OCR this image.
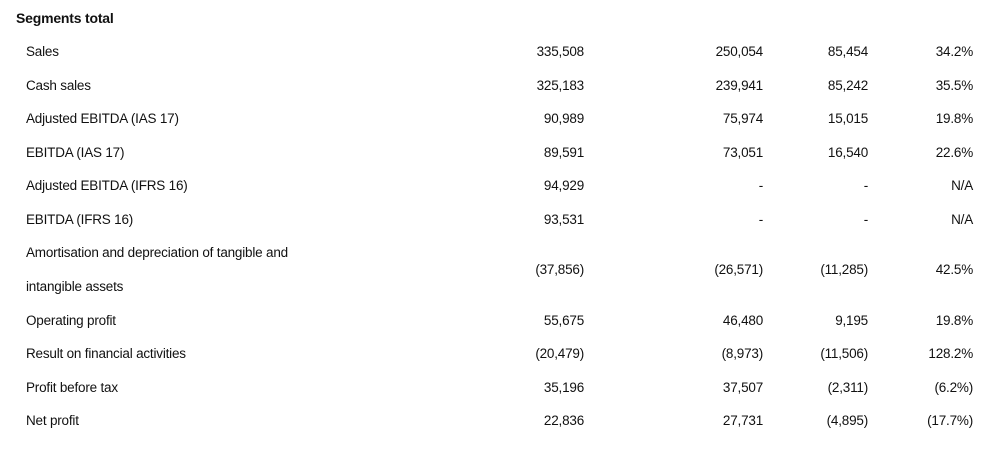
Segments total
Sales	335,508	250,054	85,454	34.2%
Cash sales	325,183	239,941	85,242	35.5%
Adjusted EBITDA (IAS 17)	90,989	75,974	15,015	19.8%
EBITDA (IAS 17)	89,591	73,051	16,540	22.6%
Adjusted EBITDA (IFRS 16)	94,929	-	-	N/A
EBITDA (IFRS 16)	93,531	-	-	N/A
Amortisation and depreciation of tangible and
intangible assets
(37,856)	(26,571)	(11,285)	42.5%
Operating profit	55,675	46,480	9,195	19.8%
Result on financial activities	(20,479)	(8,973)	(11,506)	128.2%
Profit before tax	35,196	37,507	(2,311)	(6.2%)
Net profit	22,836	27,731	(4,895)	(17.7%)
